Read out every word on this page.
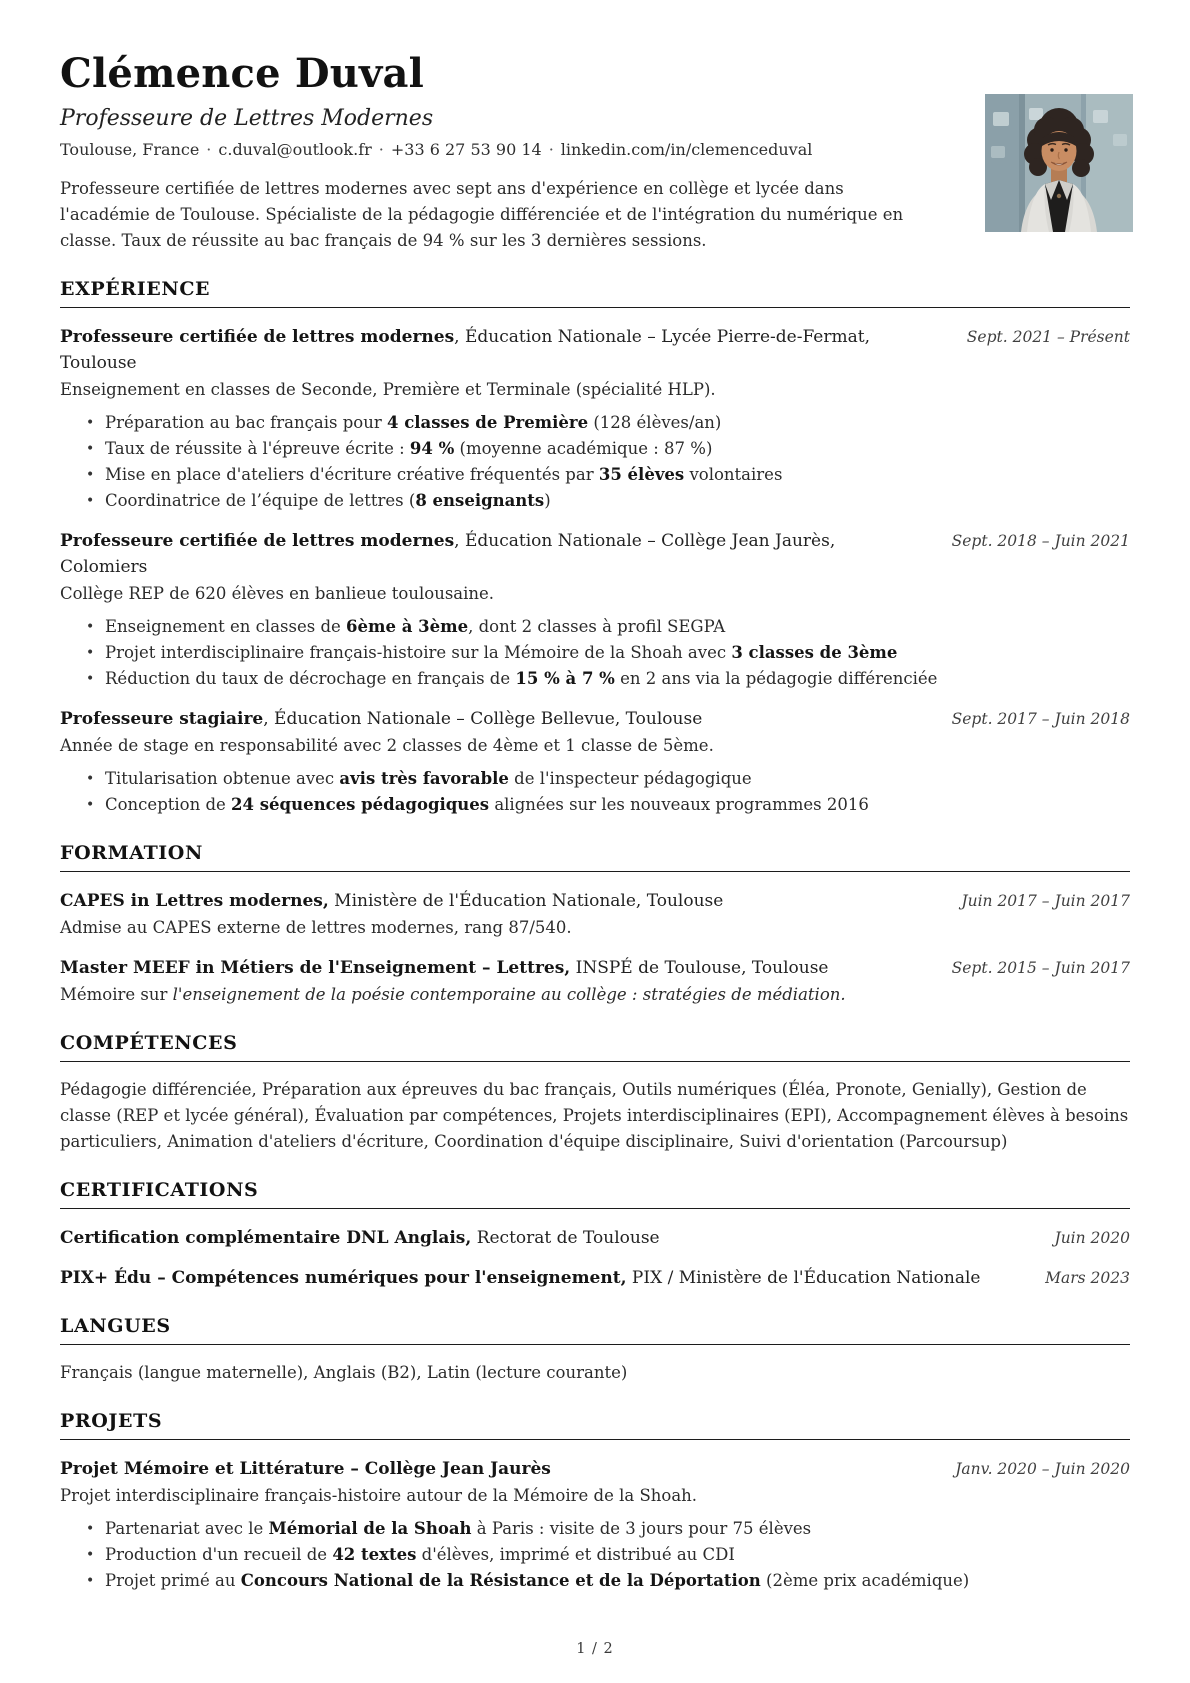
Clémence Duval
Professeure de Lettres Modernes
Toulouse, France · c.duval@outlook.fr · +33 6 27 53 90 14 · linkedin.com/in/clemenceduval

Professeure certifiée de lettres modernes avec sept ans d'expérience en collège et lycée dans l'académie de Toulouse. Spécialiste de la pédagogie différenciée et de l'intégration du numérique en classe. Taux de réussite au bac français de 94 % sur les 3 dernières sessions.

EXPÉRIENCE
Professeure certifiée de lettres modernes, Éducation Nationale – Lycée Pierre-de-Fermat, Toulouse
Sept. 2021 – Présent
Enseignement en classes de Seconde, Première et Terminale (spécialité HLP).
• Préparation au bac français pour 4 classes de Première (128 élèves/an)
• Taux de réussite à l'épreuve écrite : 94 % (moyenne académique : 87 %)
• Mise en place d'ateliers d'écriture créative fréquentés par 35 élèves volontaires
• Coordinatrice de l’équipe de lettres (8 enseignants)
Professeure certifiée de lettres modernes, Éducation Nationale – Collège Jean Jaurès, Colomiers
Sept. 2018 – Juin 2021
Collège REP de 620 élèves en banlieue toulousaine.
• Enseignement en classes de 6ème à 3ème, dont 2 classes à profil SEGPA
• Projet interdisciplinaire français-histoire sur la Mémoire de la Shoah avec 3 classes de 3ème
• Réduction du taux de décrochage en français de 15 % à 7 % en 2 ans via la pédagogie différenciée
Professeure stagiaire, Éducation Nationale – Collège Bellevue, Toulouse	Sept. 2017 – Juin 2018
Année de stage en responsabilité avec 2 classes de 4ème et 1 classe de 5ème.
• Titularisation obtenue avec avis très favorable de l'inspecteur pédagogique
• Conception de 24 séquences pédagogiques alignées sur les nouveaux programmes 2016
FORMATION
CAPES in Lettres modernes, Ministère de l'Éducation Nationale, Toulouse	Juin 2017 – Juin 2017
Admise au CAPES externe de lettres modernes, rang 87/540.
Master MEEF in Métiers de l'Enseignement – Lettres, INSPÉ de Toulouse, Toulouse	Sept. 2015 – Juin 2017
Mémoire sur l'enseignement de la poésie contemporaine au collège : stratégies de médiation.
COMPÉTENCES

Pédagogie différenciée, Préparation aux épreuves du bac français, Outils numériques (Éléa, Pronote, Genially), Gestion de classe (REP et lycée général), Évaluation par compétences, Projets interdisciplinaires (EPI), Accompagnement élèves à besoins particuliers, Animation d'ateliers d'écriture, Coordination d'équipe disciplinaire, Suivi d'orientation (Parcoursup)

CERTIFICATIONS
Certification complémentaire DNL Anglais, Rectorat de Toulouse	Juin 2020
PIX+ Édu – Compétences numériques pour l'enseignement, PIX / Ministère de l'Éducation Nationale	Mars 2023
LANGUES

Français (langue maternelle), Anglais (B2), Latin (lecture courante)

PROJETS
Projet Mémoire et Littérature – Collège Jean Jaurès	Janv. 2020 – Juin 2020
Projet interdisciplinaire français-histoire autour de la Mémoire de la Shoah.
• Partenariat avec le Mémorial de la Shoah à Paris : visite de 3 jours pour 75 élèves
• Production d'un recueil de 42 textes d'élèves, imprimé et distribué au CDI
• Projet primé au Concours National de la Résistance et de la Déportation (2ème prix académique)
1 / 2
